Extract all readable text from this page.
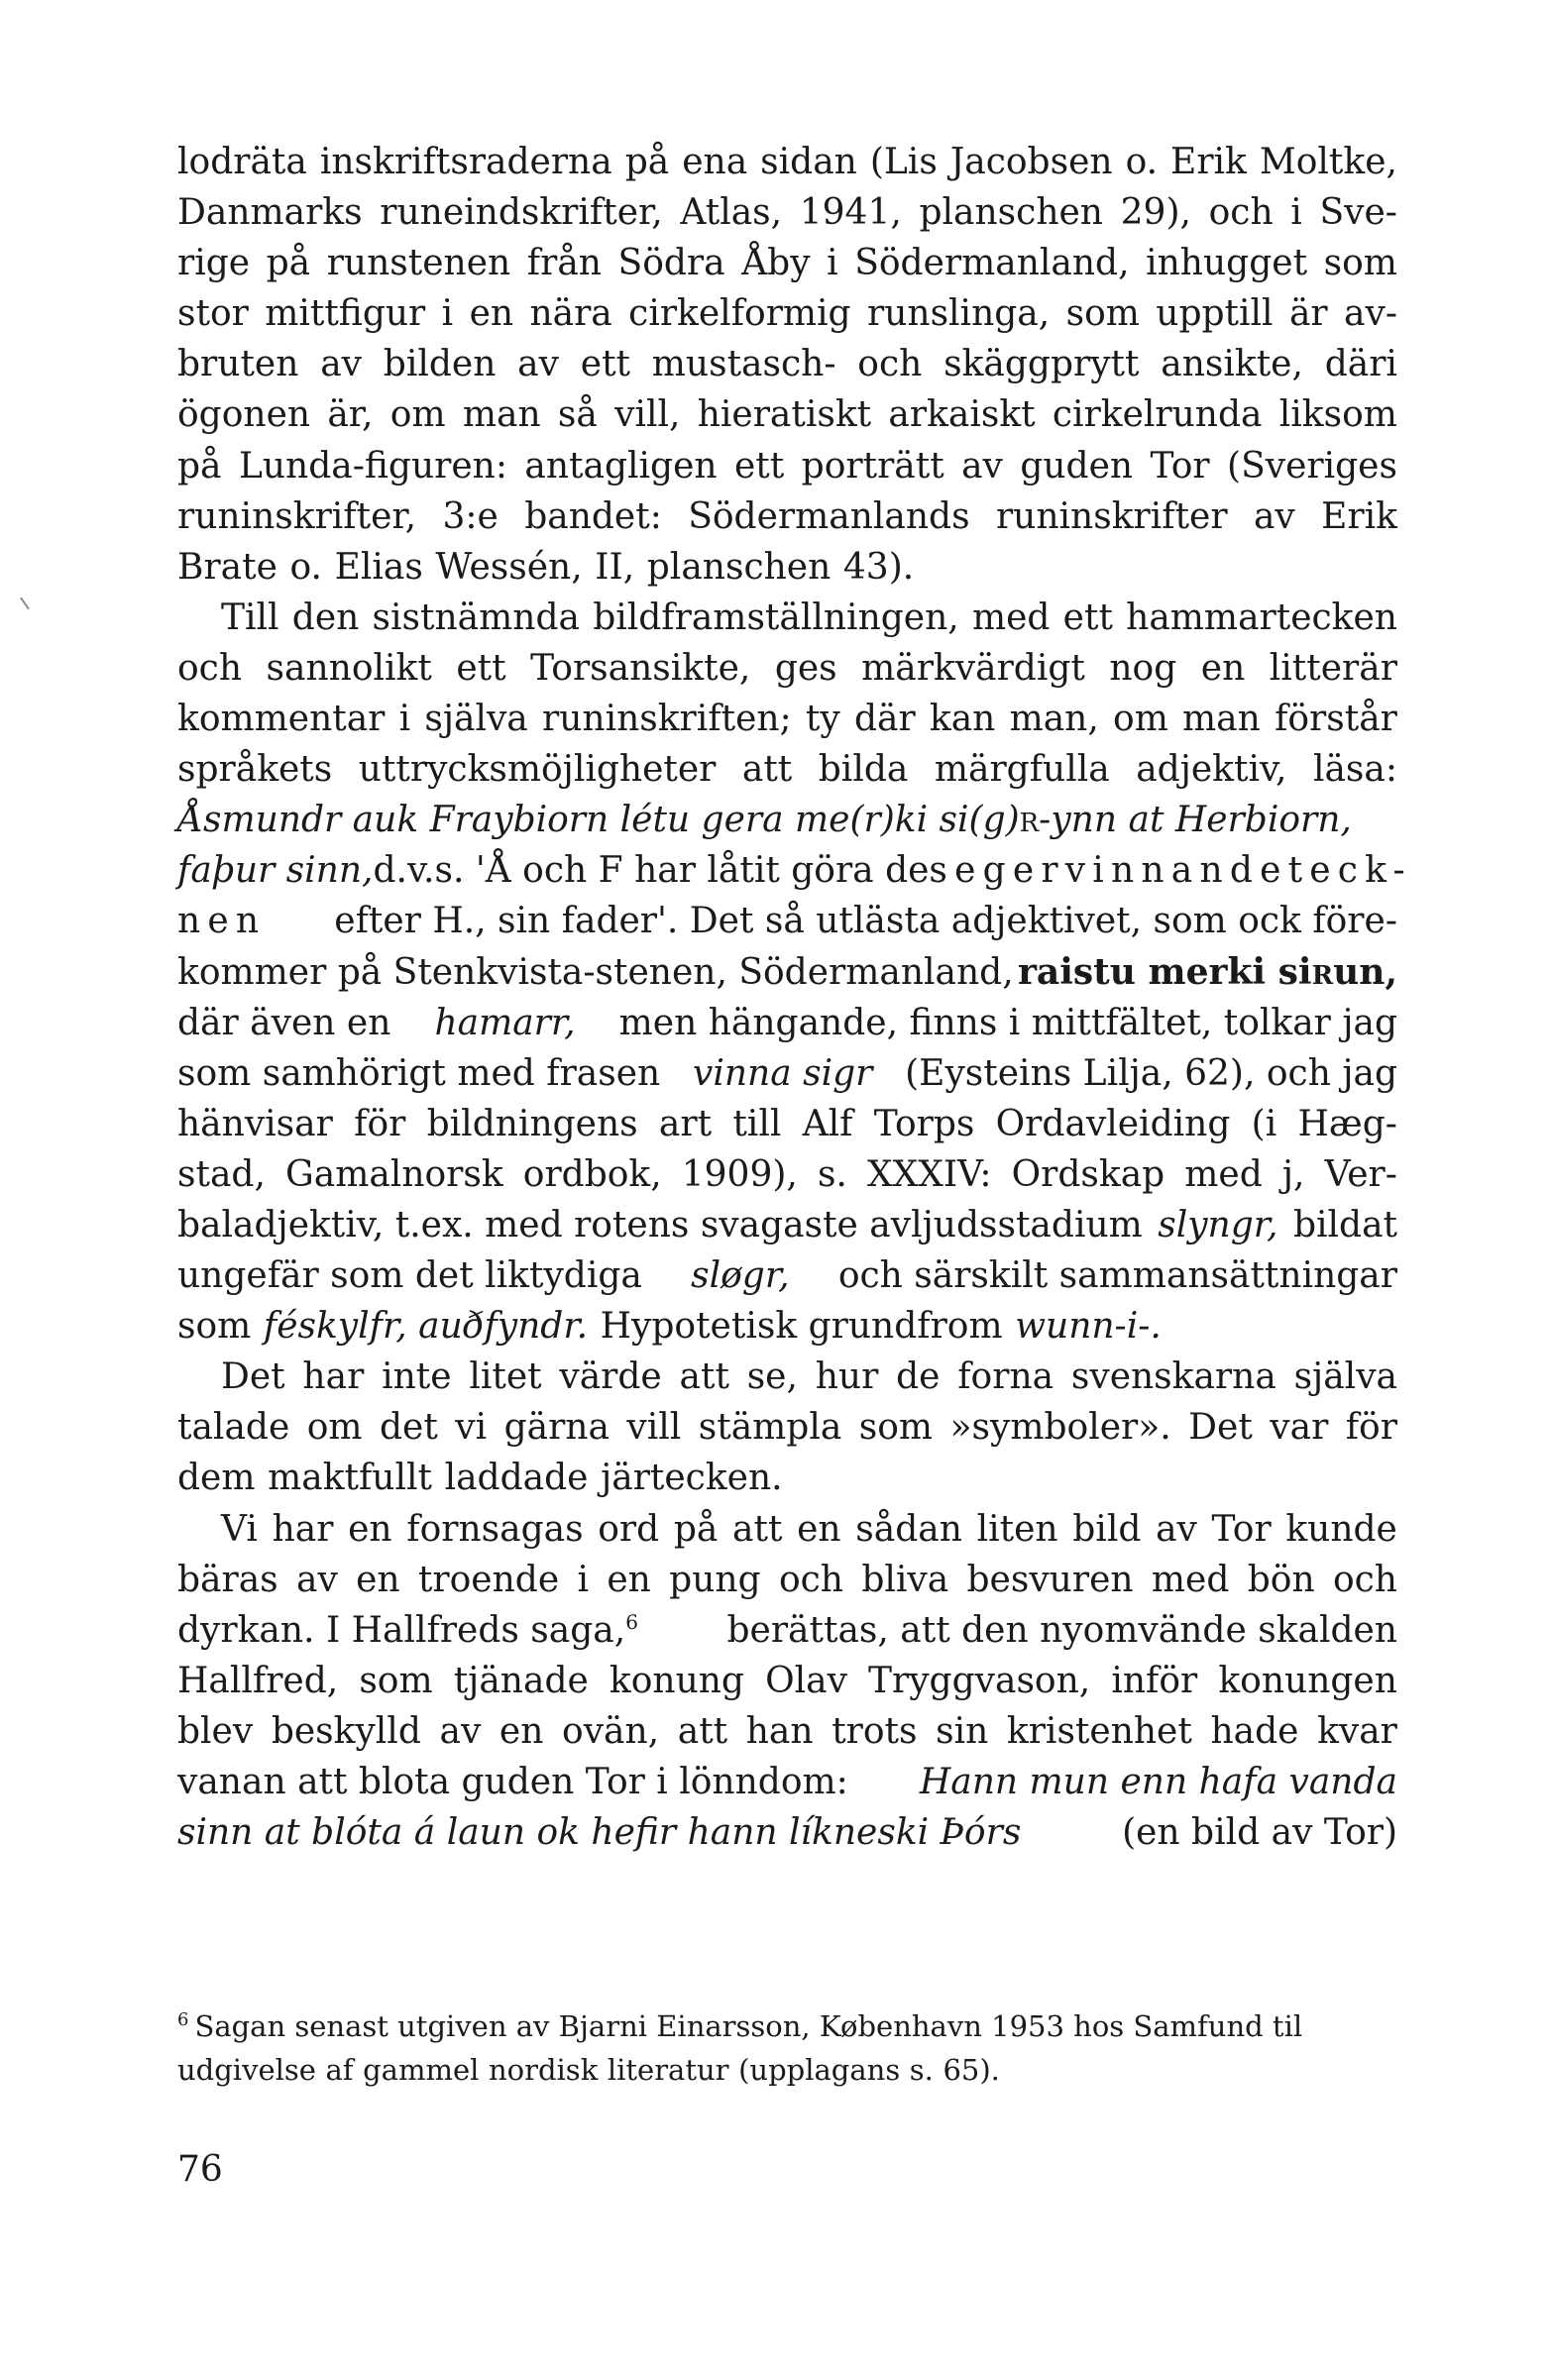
lodräta inskriftsraderna på ena sidan (Lis Jacobsen o. Erik Moltke,
Danmarks runeindskrifter, Atlas, 1941, planschen 29), och i Sve-
rige på runstenen från Södra Åby i Södermanland, inhugget som
stor mittfigur i en nära cirkelformig runslinga, som upptill är av-
bruten av bilden av ett mustasch- och skäggprytt ansikte, däri
ögonen är, om man så vill, hieratiskt arkaiskt cirkelrunda liksom
på Lunda-figuren: antagligen ett porträtt av guden Tor (Sveriges
runinskrifter, 3:e bandet: Södermanlands runinskrifter av Erik
Brate o. Elias Wessén, II, planschen 43).
Till den sistnämnda bildframställningen, med ett hammartecken
och sannolikt ett Torsansikte, ges märkvärdigt nog en litterär
kommentar i själva runinskriften; ty där kan man, om man förstår
språkets uttrycksmöjligheter att bilda märgfulla adjektiv, läsa:
Åsmundr auk Fraybiorn létu gera me(r)ki si(g)R-ynn at Herbiorn,
faþur sinn, d.v.s. 'Å och F har låtit göra de segervinnande teck-
nen efter H., sin fader'. Det så utlästa adjektivet, som ock före-
kommer på Stenkvista-stenen, Södermanland, raistu merki siRun,
där även en hamarr, men hängande, finns i mittfältet, tolkar jag
som samhörigt med frasen vinna sigr (Eysteins Lilja, 62), och jag
hänvisar för bildningens art till Alf Torps Ordavleiding (i Hæg-
stad, Gamalnorsk ordbok, 1909), s. XXXIV: Ordskap med j, Ver-
baladjektiv, t.ex. med rotens svagaste avljudsstadium slyngr, bildat
ungefär som det liktydiga sløgr, och särskilt sammansättningar
som féskylfr, auðfyndr. Hypotetisk grundfrom wunn-i-.
Det har inte litet värde att se, hur de forna svenskarna själva
talade om det vi gärna vill stämpla som »symboler». Det var för
dem maktfullt laddade järtecken.
Vi har en fornsagas ord på att en sådan liten bild av Tor kunde
bäras av en troende i en pung och bliva besvuren med bön och
dyrkan. I Hallfreds saga,$^6$ berättas, att den nyomvände skalden
Hallfred, som tjänade konung Olav Tryggvason, inför konungen
blev beskylld av en ovän, att han trots sin kristenhet hade kvar
vanan att blota guden Tor i lönndom: Hann mun enn hafa vanda
sinn at blóta á laun ok hefir hann líkneski Þórs	(en bild av Tor)
$^6$ Sagan senast utgiven av Bjarni Einarsson, København 1953 hos Samfund til
udgivelse af gammel nordisk literatur (upplagans s. 65).
76
